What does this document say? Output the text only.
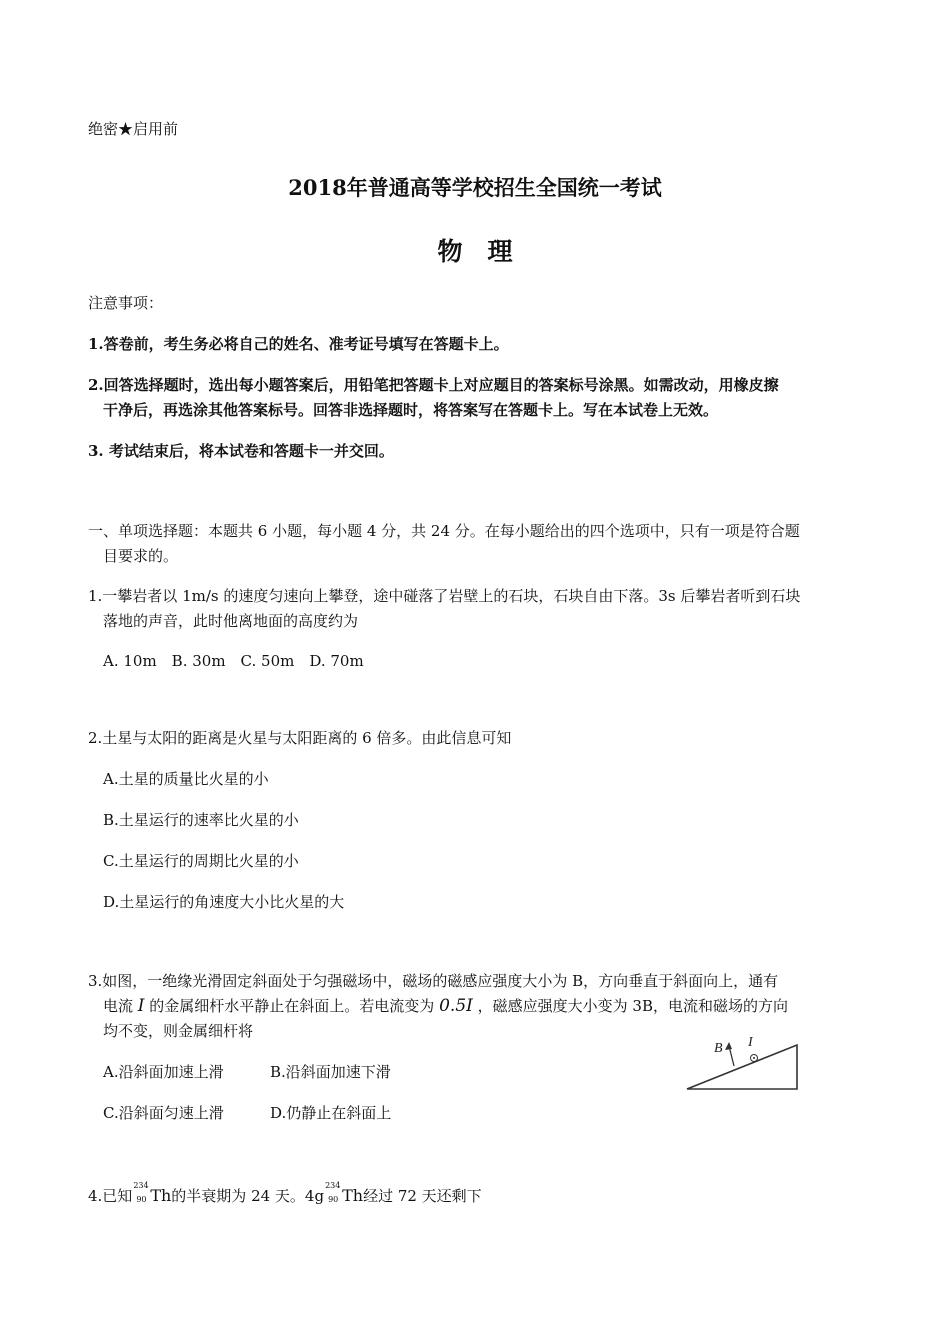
绝密★启用前
2018年普通高等学校招生全国统一考试
物　理
注意事项：
1.答卷前，考生务必将自己的姓名、准考证号填写在答题卡上。
2.回答选择题时，选出每小题答案后，用铅笔把答题卡上对应题目的答案标号涂黑。如需改动，用橡皮擦
干净后，再选涂其他答案标号。回答非选择题时，将答案写在答题卡上。写在本试卷上无效。
3. 考试结束后，将本试卷和答题卡一并交回。
一、单项选择题：本题共 6 小题，每小题 4 分，共 24 分。在每小题给出的四个选项中，只有一项是符合题
目要求的。
1.一攀岩者以 1m/s 的速度匀速向上攀登，途中碰落了岩壁上的石块，石块自由下落。3s 后攀岩者听到石块
落地的声音，此时他离地面的高度约为
A. 10m　B. 30m　C. 50m　D. 70m
2.土星与太阳的距离是火星与太阳距离的 6 倍多。由此信息可知
A.土星的质量比火星的小
B.土星运行的速率比火星的小
C.土星运行的周期比火星的小
D.土星运行的角速度大小比火星的大
3.如图，一绝缘光滑固定斜面处于匀强磁场中，磁场的磁感应强度大小为 B，方向垂直于斜面向上，通有
电流 I 的金属细杆水平静止在斜面上。若电流变为 0.5I ，磁感应强度大小变为 3B，电流和磁场的方向
均不变，则金属细杆将
A.沿斜面加速上滑	B.沿斜面加速下滑
C.沿斜面匀速上滑	D.仍静止在斜面上
B I
4.已知
234
90 Th的半衰期为 24 天。4g
234
90 Th经过 72 天还剩下
